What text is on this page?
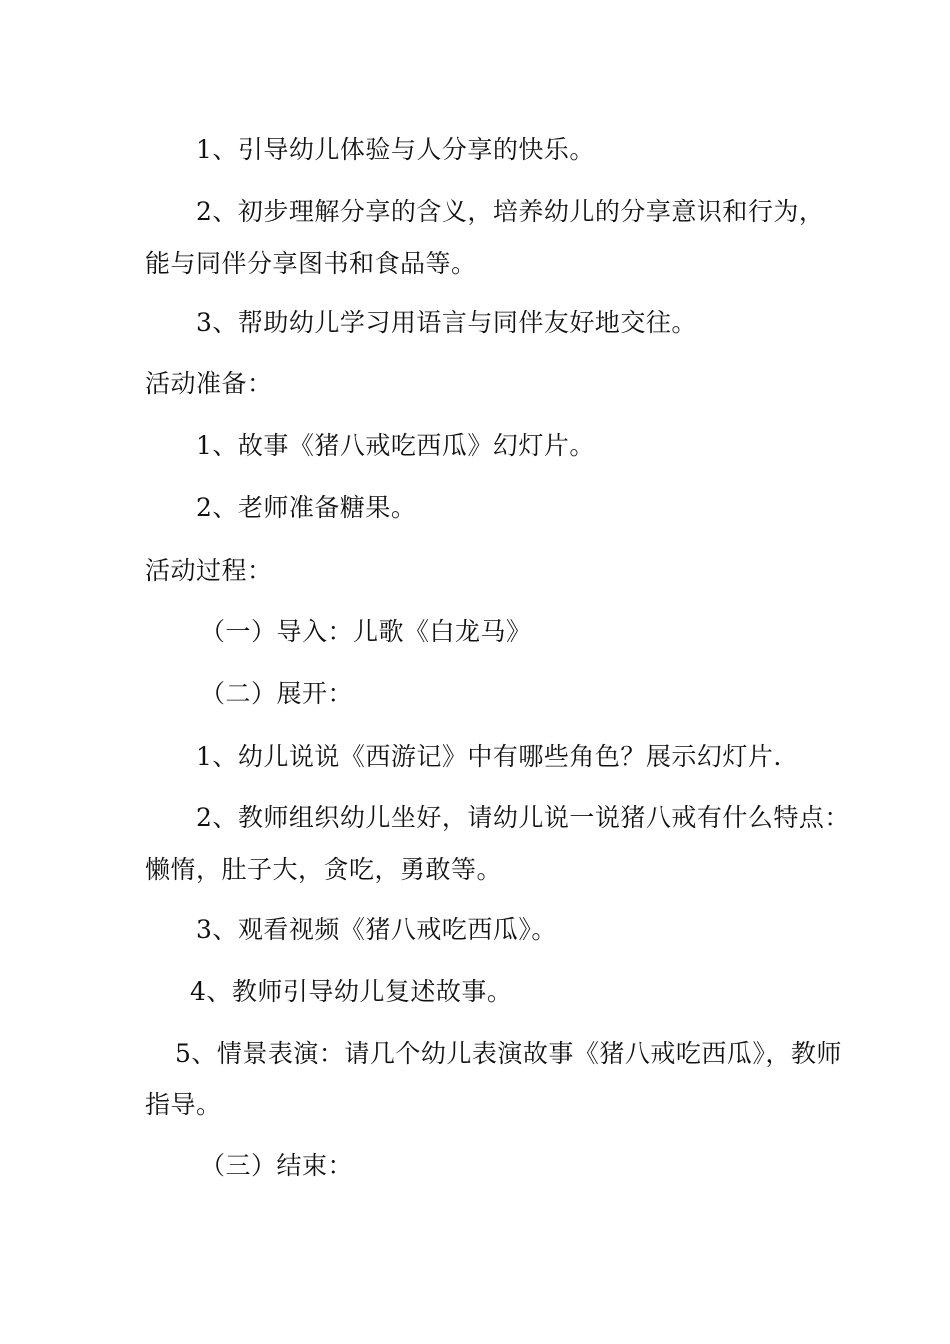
1、引导幼儿体验与人分享的快乐。

2、初步理解分享的含义，培养幼儿的分享意识和行为，

能与同伴分享图书和食品等。

3、帮助幼儿学习用语言与同伴友好地交往。

活动准备：

1、故事《猪八戒吃西瓜》幻灯片。

2、老师准备糖果。

活动过程：

（一）导入：儿歌《白龙马》

（二）展开：

1、幼儿说说《西游记》中有哪些角色？展示幻灯片.

2、教师组织幼儿坐好，请幼儿说一说猪八戒有什么特点：

懒惰，肚子大，贪吃，勇敢等。

3、观看视频《猪八戒吃西瓜》。

4、教师引导幼儿复述故事。

5、情景表演：请几个幼儿表演故事《猪八戒吃西瓜》，教师

指导。

（三）结束：
